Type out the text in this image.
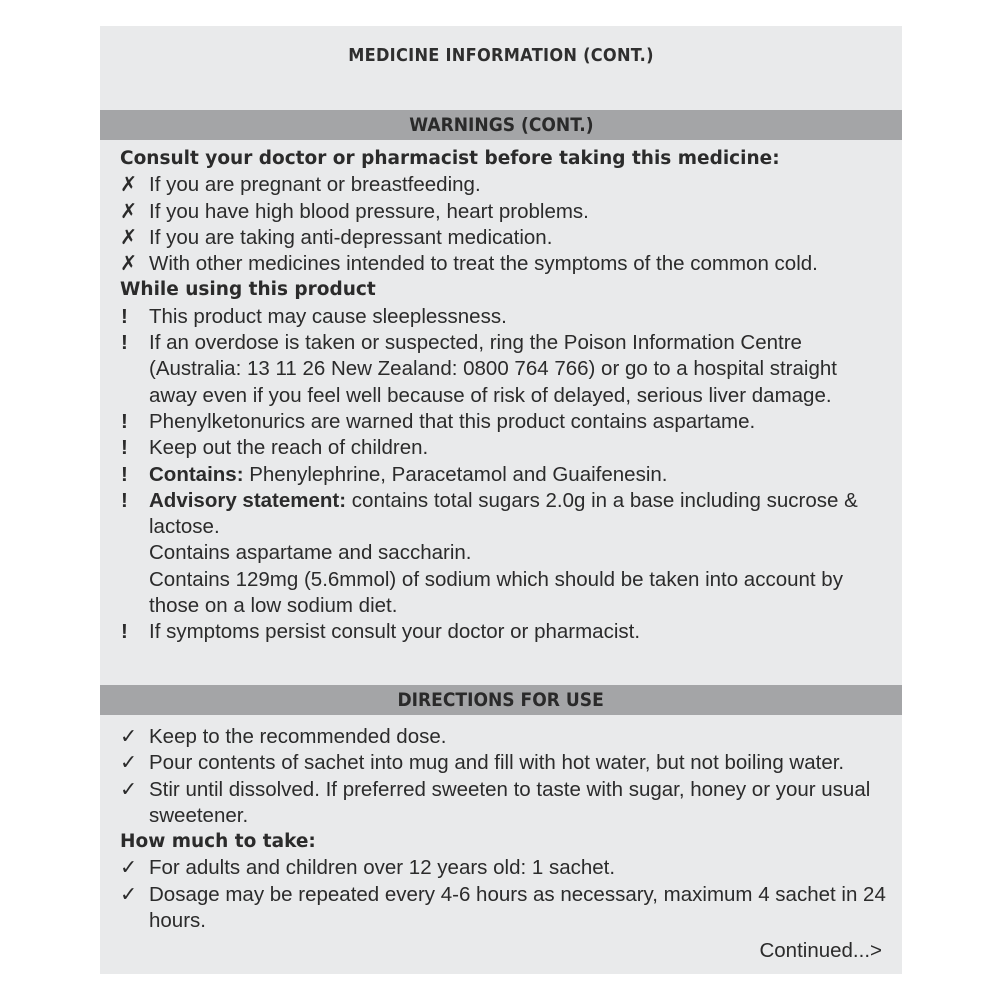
MEDICINE INFORMATION (CONT.)
WARNINGS (CONT.)
Consult your doctor or pharmacist before taking this medicine:
✗ If you are pregnant or breastfeeding.
✗ If you have high blood pressure, heart problems.
✗ If you are taking anti-depressant medication.
✗ With other medicines intended to treat the symptoms of the common cold.
While using this product
!	This product may cause sleeplessness.
!	If an overdose is taken or suspected, ring the Poison Information Centre (Australia: 13 11 26 New Zealand: 0800 764 766) or go to a hospital straight away even if you feel well because of risk of delayed, serious liver damage.
!	Phenylketonurics are warned that this product contains aspartame.
!	Keep out the reach of children.
!	Contains: Phenylephrine, Paracetamol and Guaifenesin.
!	Advisory statement: contains total sugars 2.0g in a base including sucrose & lactose.
Contains aspartame and saccharin.
Contains 129mg (5.6mmol) of sodium which should be taken into account by those on a low sodium diet.
!	If symptoms persist consult your doctor or pharmacist.
DIRECTIONS FOR USE
✓ Keep to the recommended dose.
✓ Pour contents of sachet into mug and fill with hot water, but not boiling water.
✓ Stir until dissolved. If preferred sweeten to taste with sugar, honey or your usual sweetener.
How much to take:
✓ For adults and children over 12 years old: 1 sachet.
✓ Dosage may be repeated every 4-6 hours as necessary, maximum 4 sachet in 24 hours.
Continued...>
